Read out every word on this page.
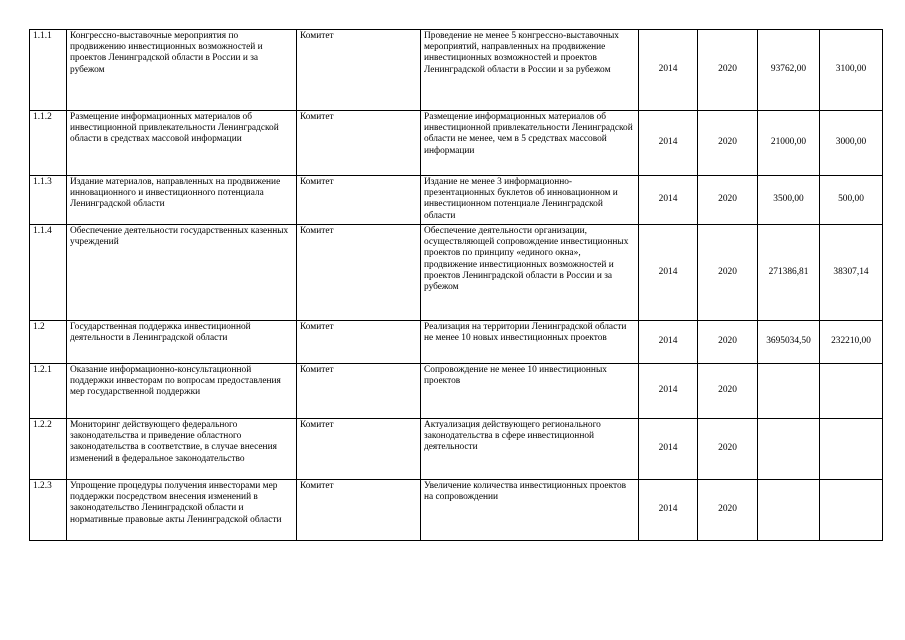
1.1.1	Конгрессно-выставочные мероприятия по продвижению инвестиционных возможностей и проектов Ленинградской области в России и за рубежом	Комитет	Проведение не менее 5 конгрессно-выставочных мероприятий, направленных на продвижение инвестиционных возможностей и проектов Ленинградской области в России и за рубежом	2014	2020	93762,00	3100,00
1.1.2	Размещение информационных материалов об инвестиционной привлекательности Ленинградской области в средствах массовой информации	Комитет	Размещение информационных материалов об инвестиционной привлекательности Ленинградской области не менее, чем в 5 средствах массовой информации	2014	2020	21000,00	3000,00
1.1.3	Издание материалов, направленных на продвижение инновационного и инвестиционного потенциала Ленинградской области	Комитет	Издание не менее 3 информационно-презентационных буклетов об инновационном и инвестиционном потенциале Ленинградской области	2014	2020	3500,00	500,00
1.1.4	Обеспечение деятельности государственных казенных учреждений	Комитет	Обеспечение деятельности организации, осуществляющей сопровождение инвестиционных проектов по принципу «единого окна», продвижение инвестиционных возможностей и проектов Ленинградской области в России и за рубежом	2014	2020	271386,81	38307,14
1.2	Государственная поддержка инвестиционной деятельности в Ленинградской области	Комитет	Реализация на территории Ленинградской области не менее 10 новых инвестиционных проектов	2014	2020	3695034,50	232210,00
1.2.1	Оказание информационно-консультационной поддержки инвесторам по вопросам предоставления мер государственной поддержки	Комитет	Сопровождение не менее 10 инвестиционных проектов	2014	2020		
1.2.2	Мониторинг действующего федерального законодательства и приведение областного законодательства в соответствие, в случае внесения изменений в федеральное законодательство	Комитет	Актуализация действующего регионального законодательства в сфере инвестиционной деятельности	2014	2020		
1.2.3	Упрощение процедуры получения инвесторами мер поддержки посредством внесения изменений в законодательство Ленинградской области и нормативные правовые акты Ленинградской области	Комитет	Увеличение количества инвестиционных проектов на сопровождении	2014	2020		
